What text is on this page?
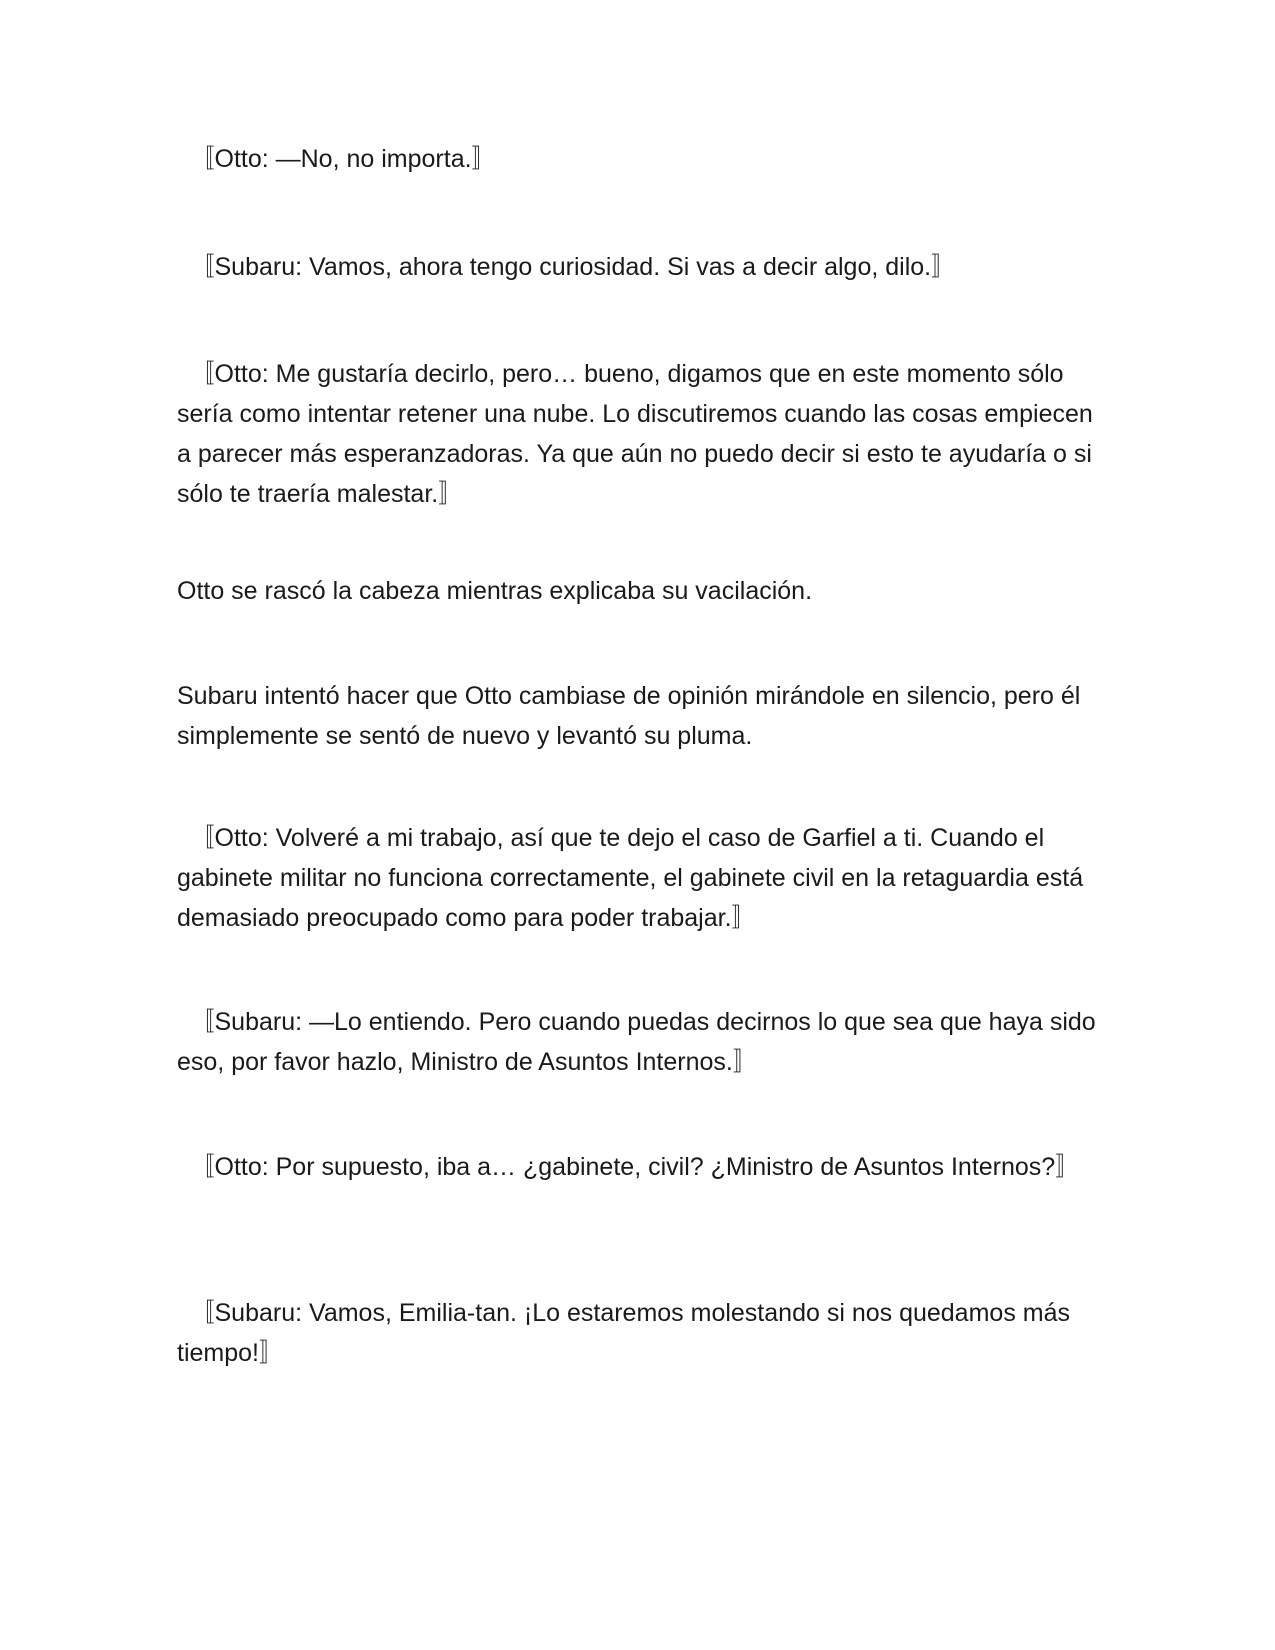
　〚Otto: —No, no importa.〛

　〚Subaru: Vamos, ahora tengo curiosidad. Si vas a decir algo, dilo.〛

　〚Otto: Me gustaría decirlo, pero… bueno, digamos que en este momento sólo sería como intentar retener una nube. Lo discutiremos cuando las cosas empiecen a parecer más esperanzadoras. Ya que aún no puedo decir si esto te ayudaría o si sólo te traería malestar.〛

Otto se rascó la cabeza mientras explicaba su vacilación.

Subaru intentó hacer que Otto cambiase de opinión mirándole en silencio, pero él simplemente se sentó de nuevo y levantó su pluma.

　〚Otto: Volveré a mi trabajo, así que te dejo el caso de Garfiel a ti. Cuando el gabinete militar no funciona correctamente, el gabinete civil en la retaguardia está demasiado preocupado como para poder trabajar.〛

　〚Subaru: —Lo entiendo. Pero cuando puedas decirnos lo que sea que haya sido eso, por favor hazlo, Ministro de Asuntos Internos.〛

　〚Otto: Por supuesto, iba a… ¿gabinete, civil? ¿Ministro de Asuntos Internos?〛

　〚Subaru: Vamos, Emilia-tan. ¡Lo estaremos molestando si nos quedamos más tiempo!〛
